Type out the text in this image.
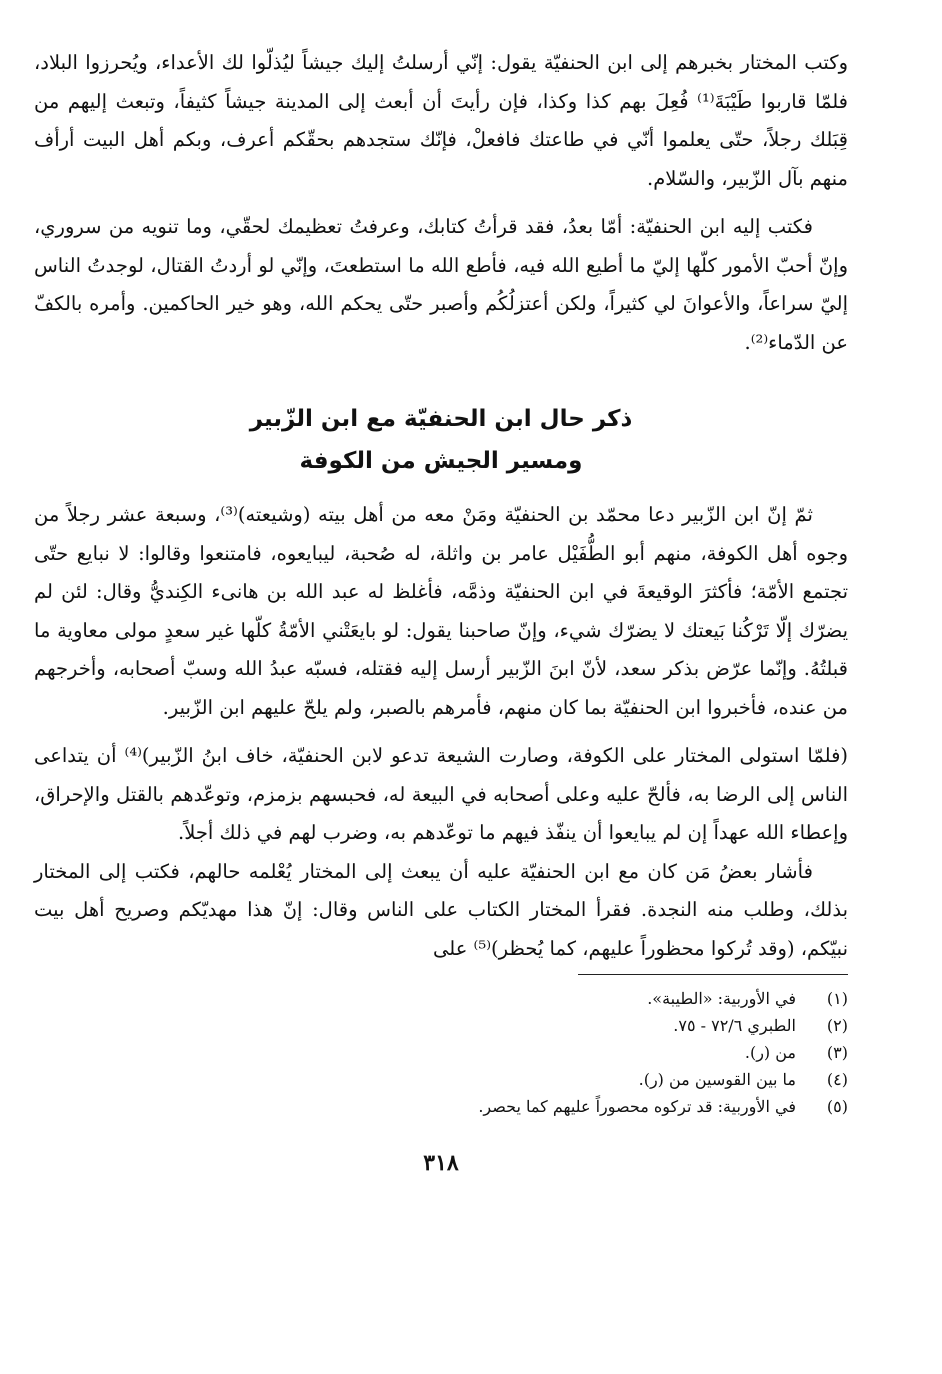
وكتب المختار بخبرهم إلى ابن الحنفيّة يقول: إنّي أرسلتُ إليك جيشاً ليُذلّوا لك الأعداء، ويُحرزوا البلاد، فلمّا قاربوا طَيْبَةَ⁽¹⁾ فُعِلَ بهم كذا وكذا، فإن رأيتَ أن أبعث إلى المدينة جيشاً كثيفاً، وتبعث إليهم من قِبَلك رجلاً، حتّى يعلموا أنّي في طاعتك فافعلْ، فإنّك ستجدهم بحقّكم أعرف، وبكم أهل البيت أرأف منهم بآل الزّبير، والسّلام.

فكتب إليه ابن الحنفيّة: أمّا بعدُ، فقد قرأتُ كتابك، وعرفتُ تعظيمك لحقّي، وما تنويه من سروري، وإنّ أحبّ الأمور كلّها إليّ ما أطيع الله فيه، فأطع الله ما استطعتَ، وإنّي لو أردتُ القتال، لوجدتُ الناس إليّ سراعاً، والأعوانَ لي كثيراً، ولكن أعتزلُكُم وأصبر حتّى يحكم الله، وهو خير الحاكمين. وأمره بالكفّ عن الدّماء⁽²⁾.

ذكر حال ابن الحنفيّة مع ابن الزّبير
ومسير الجيش من الكوفة

ثمّ إنّ ابن الزّبير دعا محمّد بن الحنفيّة ومَنْ معه من أهل بيته (وشيعته)⁽³⁾، وسبعة عشر رجلاً من وجوه أهل الكوفة، منهم أبو الطُّفَيْل عامر بن واثلة، له صُحبة، ليبايعوه، فامتنعوا وقالوا: لا نبايع حتّى تجتمع الأمّة؛ فأكثرَ الوقيعةَ في ابن الحنفيّة وذمَّه، فأغلظ له عبد الله بن هانىء الكِنديُّ وقال: لئن لم يضرّك إلّا تَرْكُنا بَيعتك لا يضرّك شيء، وإنّ صاحبنا يقول: لو بايعَتْني الأمّةُ كلّها غير سعدٍ مولى معاوية ما قبلتُهُ. وإنّما عرّض بذكر سعد، لأنّ ابنَ الزّبير أرسل إليه فقتله، فسبّه عبدُ الله وسبّ أصحابه، وأخرجهم من عنده، فأخبروا ابن الحنفيّة بما كان منهم، فأمرهم بالصبر، ولم يلحّ عليهم ابن الزّبير.

(فلمّا استولى المختار على الكوفة، وصارت الشيعة تدعو لابن الحنفيّة، خاف ابنُ الزّبير)⁽⁴⁾ أن يتداعى الناس إلى الرضا به، فألحّ عليه وعلى أصحابه في البيعة له، فحبسهم بزمزم، وتوعّدهم بالقتل والإحراق، وإعطاء الله عهداً إن لم يبايعوا أن ينفّذ فيهم ما توعّدهم به، وضرب لهم في ذلك أجلاً.

فأشار بعضُ مَن كان مع ابن الحنفيّة عليه أن يبعث إلى المختار يُعْلمه حالهم، فكتب إلى المختار بذلك، وطلب منه النجدة. فقرأ المختار الكتاب على الناس وقال: إنّ هذا مهديّكم وصريح أهل بيت نبيّكم، (وقد تُركوا محظوراً عليهم، كما يُحظر)⁽⁵⁾ على

(١)
في الأوربية: «الطيبة».
(٢)
الطبري ٧٢/٦ - ٧٥.
(٣)
من (ر).
(٤)
ما بين القوسين من (ر).
(٥)
في الأوربية: قد تركوه محصوراً عليهم كما يحصر.
٣١٨
